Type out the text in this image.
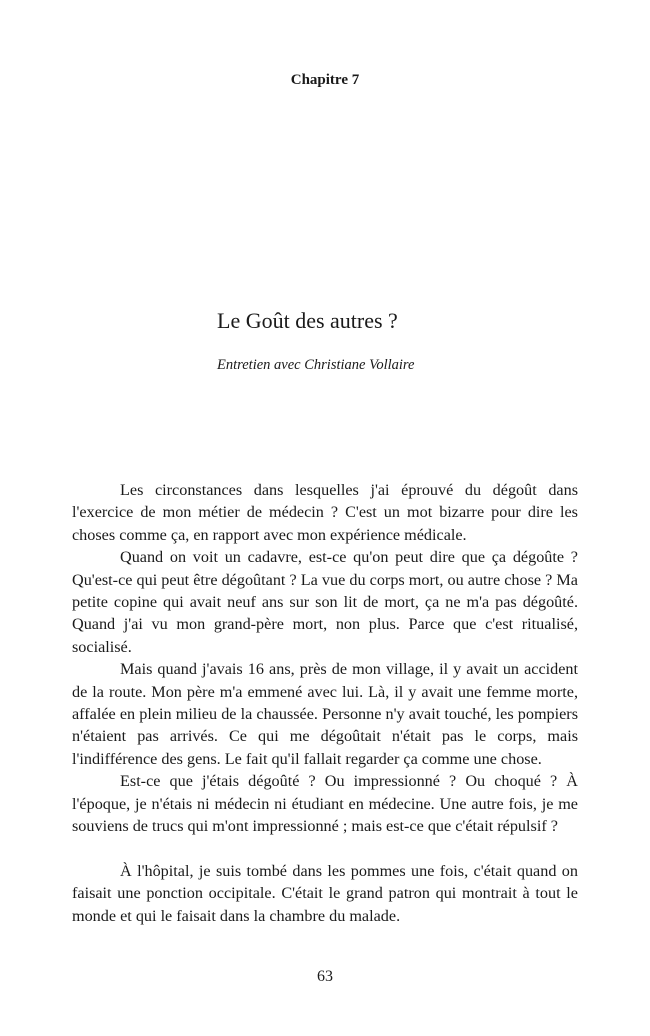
Chapitre 7
Le Goût des autres ?
Entretien avec Christiane Vollaire

Les circonstances dans lesquelles j'ai éprouvé du dégoût dans l'exercice de mon métier de médecin ? C'est un mot bizarre pour dire les choses comme ça, en rapport avec mon expérience médicale.

Quand on voit un cadavre, est-ce qu'on peut dire que ça dégoûte ? Qu'est-ce qui peut être dégoûtant ? La vue du corps mort, ou autre chose ? Ma petite copine qui avait neuf ans sur son lit de mort, ça ne m'a pas dégoûté. Quand j'ai vu mon grand-père mort, non plus. Parce que c'est ritualisé, socialisé.

Mais quand j'avais 16 ans, près de mon village, il y avait un accident de la route. Mon père m'a emmené avec lui. Là, il y avait une femme morte, affalée en plein milieu de la chaussée. Personne n'y avait touché, les pompiers n'étaient pas arrivés. Ce qui me dégoûtait n'était pas le corps, mais l'indifférence des gens. Le fait qu'il fallait regarder ça comme une chose.

Est-ce que j'étais dégoûté ? Ou impressionné ? Ou choqué ? À l'époque, je n'étais ni médecin ni étudiant en médecine. Une autre fois, je me souviens de trucs qui m'ont impressionné ; mais est-ce que c'était répulsif ?

À l'hôpital, je suis tombé dans les pommes une fois, c'était quand on faisait une ponction occipitale. C'était le grand patron qui montrait à tout le monde et qui le faisait dans la chambre du malade.

63
